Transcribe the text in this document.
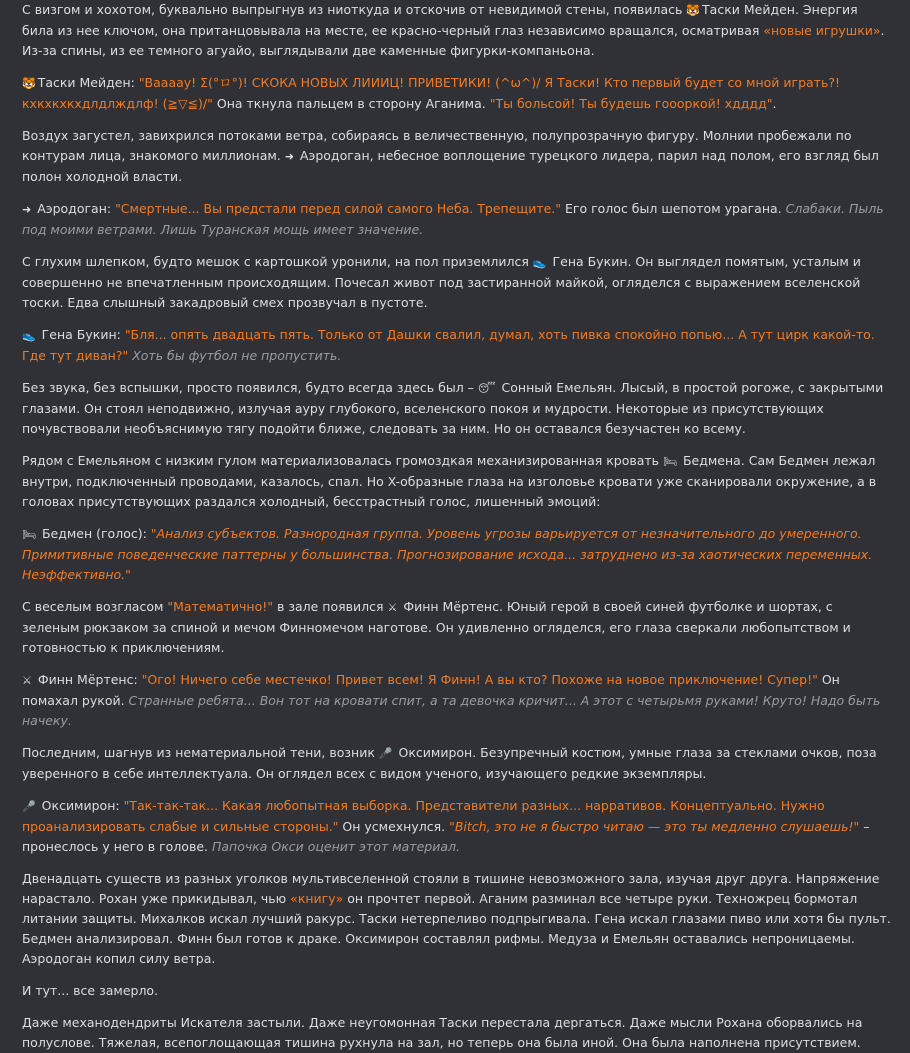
С визгом и хохотом, буквально выпрыгнув из ниоткуда и отскочив от невидимой стены, появилась 🐯 Таски Мейден. Энергия била из нее ключом, она пританцовывала на месте, ее красно-черный глаз независимо вращался, осматривая «новые игрушки». Из-за спины, из ее темного агуайо, выглядывали две каменные фигурки-компаньона.
🐯 Таски Мейден: "Вааааy! Σ(°ロ°)! СКОКА НОВЫХ ЛИИИЦ! ПРИВЕТИКИ! (^ω^)/ Я Таски! Кто первый будет со мной играть?! кхкхкхкхдлдлждлф! (≧▽≦)/" Она ткнула пальцем в сторону Аганима. "Ты больсой! Ты будешь гоооркой! хдддд".
Воздух загустел, завихрился потоками ветра, собираясь в величественную, полупрозрачную фигуру. Молнии пробежали по контурам лица, знакомого миллионам. ➜ Аэродоган, небесное воплощение турецкого лидера, парил над полом, его взгляд был полон холодной власти.
➜ Аэродоган: "Смертные... Вы предстали перед силой самого Неба. Трепещите." Его голос был шепотом урагана. Слабаки. Пыль под моими ветрами. Лишь Туранская мощь имеет значение.
С глухим шлепком, будто мешок с картошкой уронили, на пол приземлился 👟 Гена Букин. Он выглядел помятым, усталым и совершенно не впечатленным происходящим. Почесал живот под застиранной майкой, огляделся с выражением вселенской тоски. Едва слышный закадровый смех прозвучал в пустоте.
👟 Гена Букин: "Бля... опять двадцать пять. Только от Дашки свалил, думал, хоть пивка спокойно попью... А тут цирк какой-то. Где тут диван?" Хоть бы футбол не пропустить.
Без звука, без вспышки, просто появился, будто всегда здесь был – 😴 Сонный Емельян. Лысый, в простой рогоже, с закрытыми глазами. Он стоял неподвижно, излучая ауру глубокого, вселенского покоя и мудрости. Некоторые из присутствующих почувствовали необъяснимую тягу подойти ближе, следовать за ним. Но он оставался безучастен ко всему.
Рядом с Емельяном с низким гулом материализовалась громоздкая механизированная кровать 🛏 Бедмена. Сам Бедмен лежал внутри, подключенный проводами, казалось, спал. Но X-образные глаза на изголовье кровати уже сканировали окружение, а в головах присутствующих раздался холодный, бесстрастный голос, лишенный эмоций:
🛏 Бедмен (голос): "Анализ субъектов. Разнородная группа. Уровень угрозы варьируется от незначительного до умеренного. Примитивные поведенческие паттерны у большинства. Прогнозирование исхода... затруднено из-за хаотических переменных. Неэффективно."
С веселым возгласом "Математично!" в зале появился ⚔ Финн Мёртенс. Юный герой в своей синей футболке и шортах, с зеленым рюкзаком за спиной и мечом Финномечом наготове. Он удивленно огляделся, его глаза сверкали любопытством и готовностью к приключениям.
⚔ Финн Мёртенс: "Ого! Ничего себе местечко! Привет всем! Я Финн! А вы кто? Похоже на новое приключение! Супер!" Он помахал рукой. Странные ребята... Вон тот на кровати спит, а та девочка кричит... А этот с четырьмя руками! Круто! Надо быть начеку.
Последним, шагнув из нематериальной тени, возник 🎤 Оксимирон. Безупречный костюм, умные глаза за стеклами очков, поза уверенного в себе интеллектуала. Он оглядел всех с видом ученого, изучающего редкие экземпляры.
🎤 Оксимирон: "Так-так-так... Какая любопытная выборка. Представители разных... нарративов. Концептуально. Нужно проанализировать слабые и сильные стороны." Он усмехнулся. "Bitch, это не я быстро читаю — это ты медленно слушаешь!" – пронеслось у него в голове. Папочка Окси оценит этот материал.
Двенадцать существ из разных уголков мультивселенной стояли в тишине невозможного зала, изучая друг друга. Напряжение нарастало. Рохан уже прикидывал, чью «книгу» он прочтет первой. Аганим разминал все четыре руки. Техножрец бормотал литании защиты. Михалков искал лучший ракурс. Таски нетерпеливо подпрыгивала. Гена искал глазами пиво или хотя бы пульт. Бедмен анализировал. Финн был готов к драке. Оксимирон составлял рифмы. Медуза и Емельян оставались непроницаемы. Аэродоган копил силу ветра.
И тут... все замерло.
Даже механодендриты Искателя застыли. Даже неугомонная Таски перестала дергаться. Даже мысли Рохана оборвались на полуслове. Тяжелая, всепоглощающая тишина рухнула на зал, но теперь она была иной. Она была наполнена присутствием.
